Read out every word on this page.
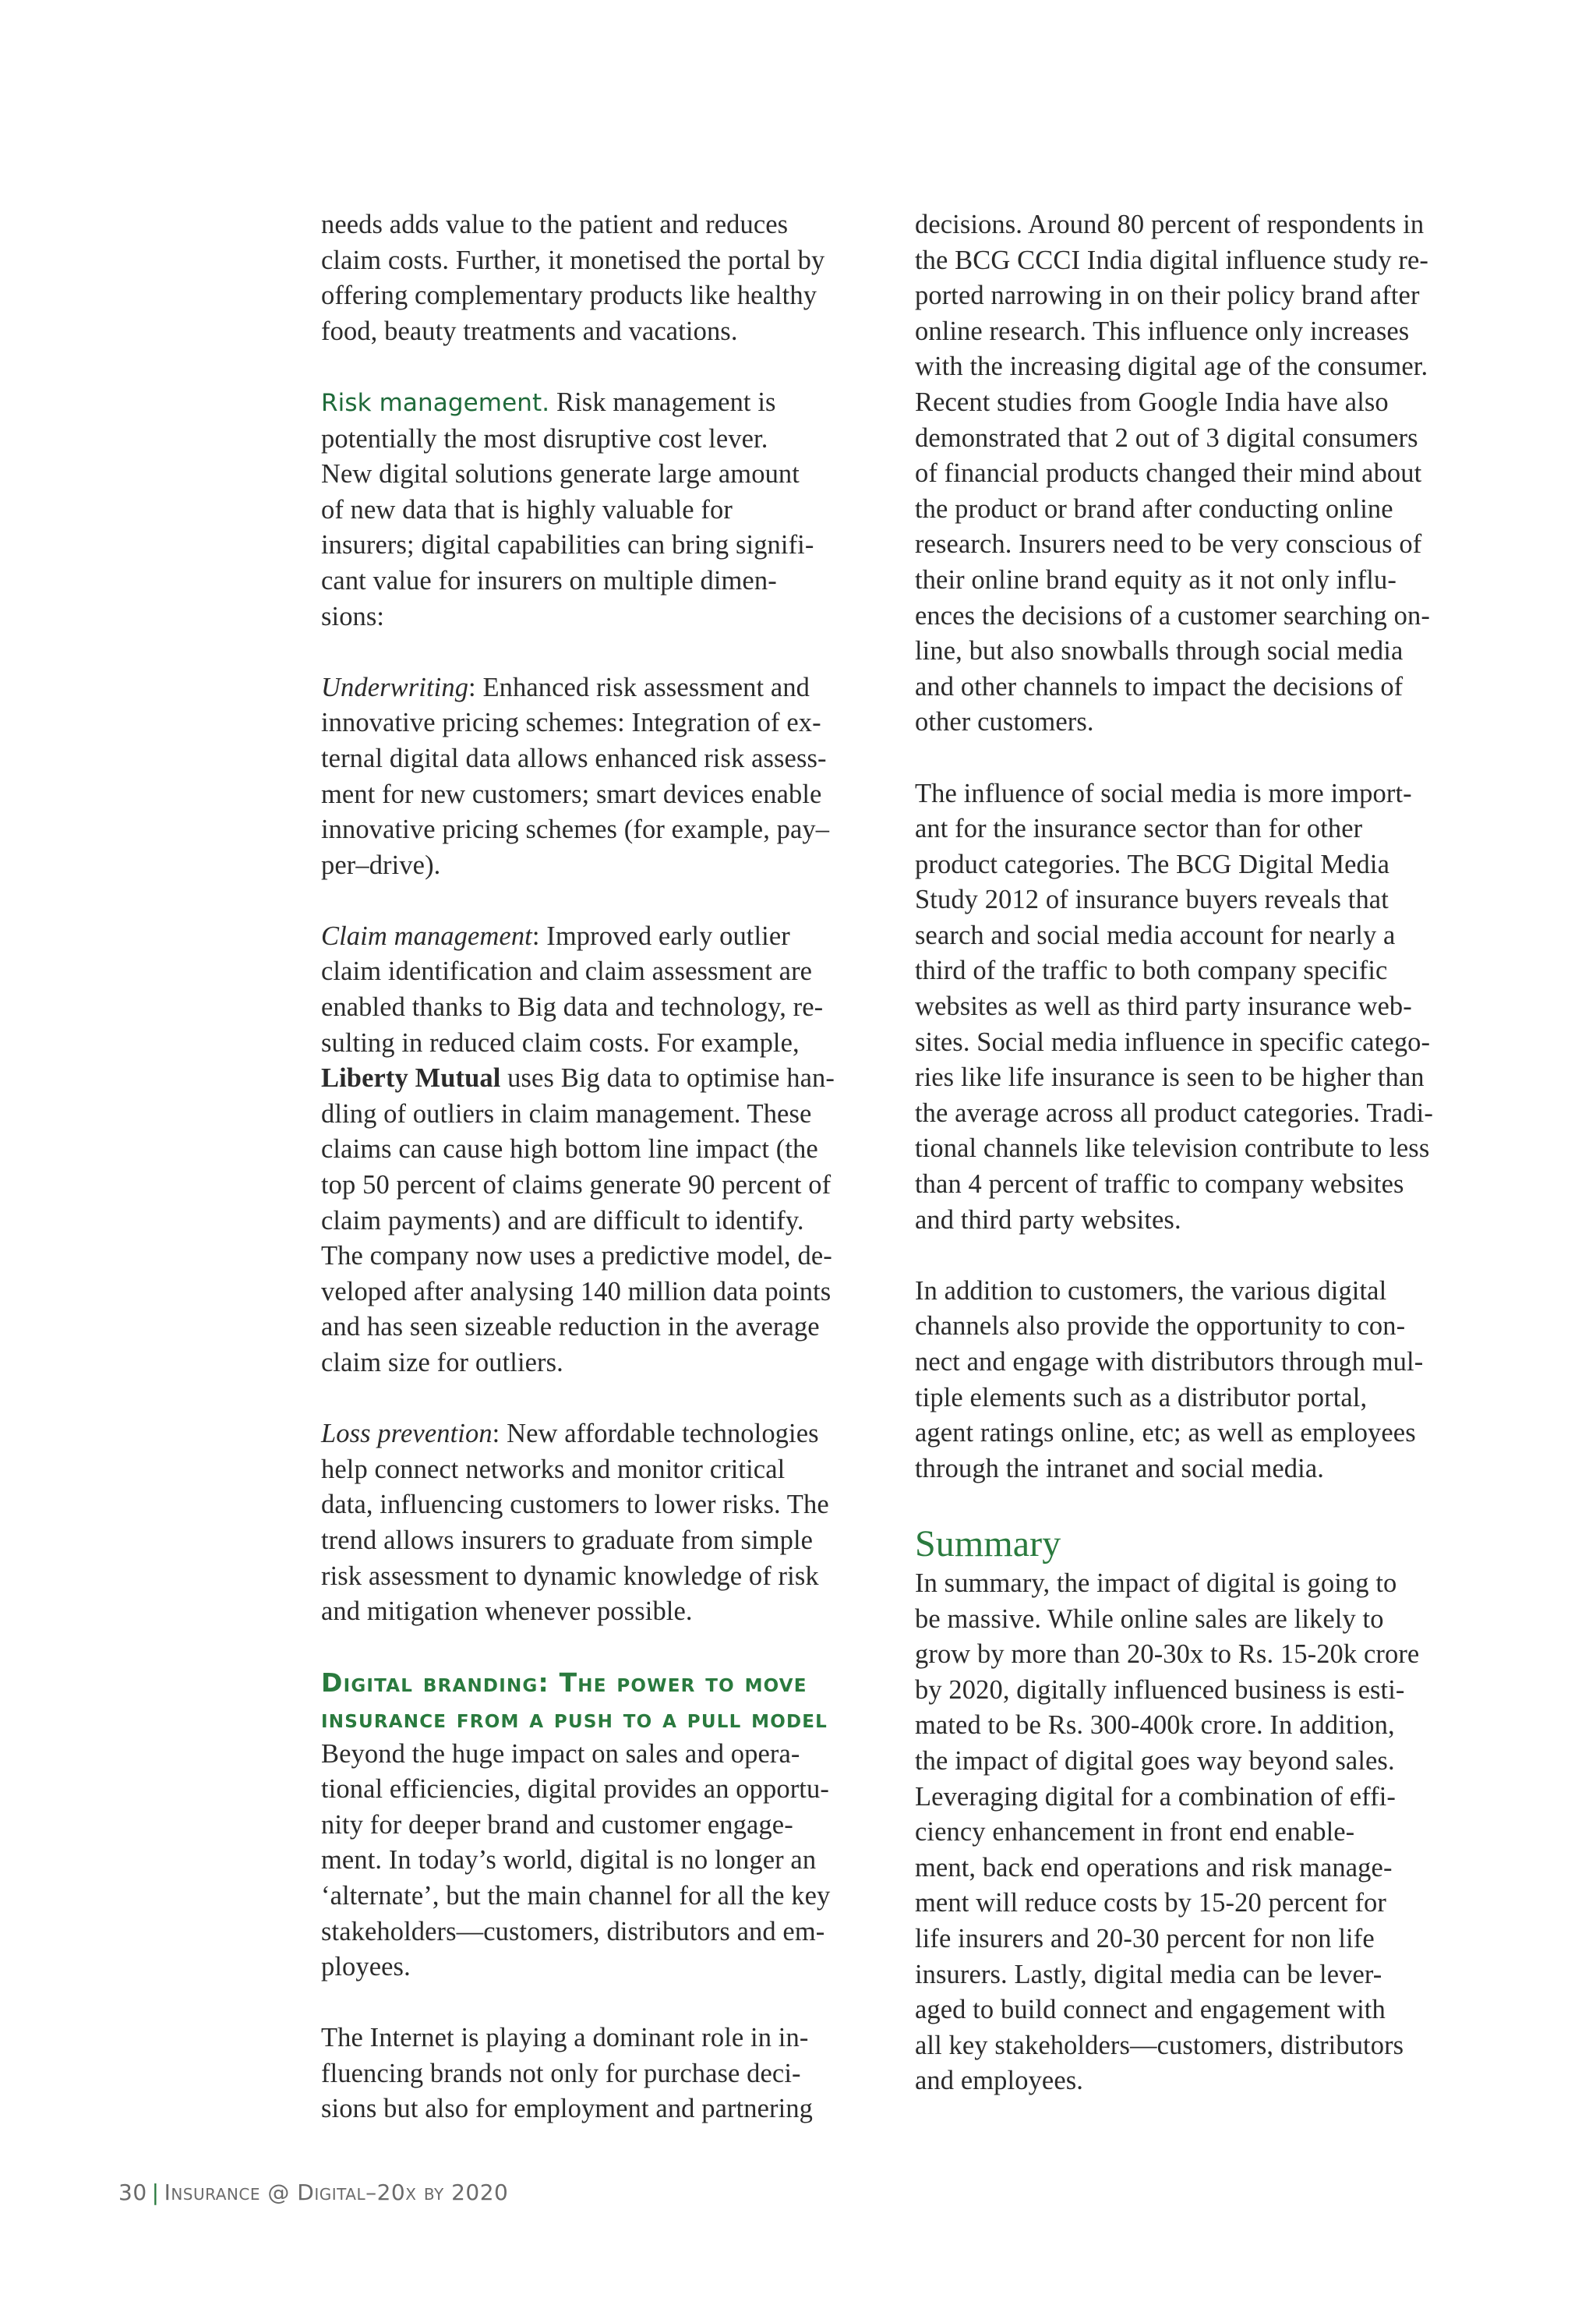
needs adds value to the patient and reduces
claim costs. Further, it monetised the portal by
offering complementary products like healthy
food, beauty treatments and vacations.

Risk management. Risk management is
potentially the most disruptive cost lever.
New digital solutions generate large amount
of new data that is highly valuable for
insurers; digital capabilities can bring signifi-
cant value for insurers on multiple dimen-
sions:

Underwriting: Enhanced risk assessment and
innovative pricing schemes: Integration of ex-
ternal digital data allows enhanced risk assess-
ment for new customers; smart devices enable
innovative pricing schemes (for example, pay–
per–drive).

Claim management: Improved early outlier
claim identification and claim assessment are
enabled thanks to Big data and technology, re-
sulting in reduced claim costs. For example,
Liberty Mutual uses Big data to optimise han-
dling of outliers in claim management. These
claims can cause high bottom line impact (the
top 50 percent of claims generate 90 percent of
claim payments) and are difficult to identify.
The company now uses a predictive model, de-
veloped after analysing 140 million data points
and has seen sizeable reduction in the average
claim size for outliers.

Loss prevention: New affordable technologies
help connect networks and monitor critical
data, influencing customers to lower risks. The
trend allows insurers to graduate from simple
risk assessment to dynamic knowledge of risk
and mitigation whenever possible.

Digital branding: The power to move
insurance from a push to a pull model

Beyond the huge impact on sales and opera-
tional efficiencies, digital provides an opportu-
nity for deeper brand and customer engage-
ment. In today’s world, digital is no longer an
‘alternate’, but the main channel for all the key
stakeholders—customers, distributors and em-
ployees.

The Internet is playing a dominant role in in-
fluencing brands not only for purchase deci-
sions but also for employment and partnering

decisions. Around 80 percent of respondents in
the BCG CCCI India digital influence study re-
ported narrowing in on their policy brand after
online research. This influence only increases
with the increasing digital age of the consumer.
Recent studies from Google India have also
demonstrated that 2 out of 3 digital consumers
of financial products changed their mind about
the product or brand after conducting online
research. Insurers need to be very conscious of
their online brand equity as it not only influ-
ences the decisions of a customer searching on-
line, but also snowballs through social media
and other channels to impact the decisions of
other customers.

The influence of social media is more import-
ant for the insurance sector than for other
product categories. The BCG Digital Media
Study 2012 of insurance buyers reveals that
search and social media account for nearly a
third of the traffic to both company specific
websites as well as third party insurance web-
sites. Social media influence in specific catego-
ries like life insurance is seen to be higher than
the average across all product categories. Tradi-
tional channels like television contribute to less
than 4 percent of traffic to company websites
and third party websites.

In addition to customers, the various digital
channels also provide the opportunity to con-
nect and engage with distributors through mul-
tiple elements such as a distributor portal,
agent ratings online, etc; as well as employees
through the intranet and social media.

Summary

In summary, the impact of digital is going to
be massive. While online sales are likely to
grow by more than 20-30x to Rs. 15-20k crore
by 2020, digitally influenced business is esti-
mated to be Rs. 300-400k crore. In addition,
the impact of digital goes way beyond sales.
Leveraging digital for a combination of effi-
ciency enhancement in front end enable-
ment, back end operations and risk manage-
ment will reduce costs by 15-20 percent for
life insurers and 20-30 percent for non life
insurers. Lastly, digital media can be lever-
aged to build connect and engagement with
all key stakeholders—customers, distributors
and employees.

30 | Insurance @ Digital–20x by 2020
